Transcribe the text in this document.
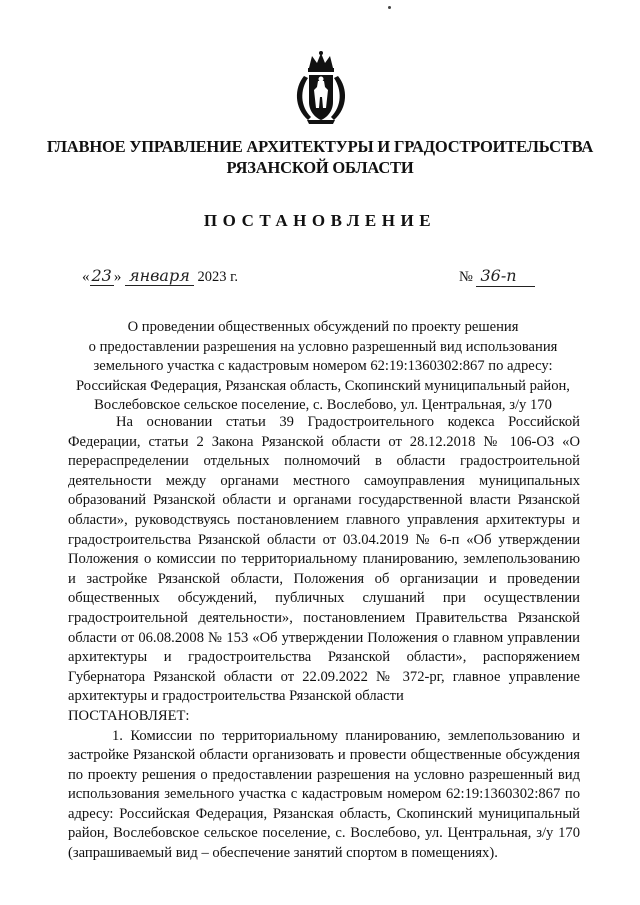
ГЛАВНОЕ УПРАВЛЕНИЕ АРХИТЕКТУРЫ И ГРАДОСТРОИТЕЛЬСТВА
РЯЗАНСКОЙ ОБЛАСТИ
ПОСТАНОВЛЕНИЕ
« 23 » января 2023 г.	№ 36-п
О проведении общественных обсуждений по проекту решения
о предоставлении разрешения на условно разрешенный вид использования
земельного участка с кадастровым номером 62:19:1360302:867 по адресу:
Российская Федерация, Рязанская область, Скопинский муниципальный район,
Вослебовское сельское поселение, с. Вослебово, ул. Центральная, з/у 170

На основании статьи 39 Градостроительного кодекса Российской Федерации, статьи 2 Закона Рязанской области от 28.12.2018 № 106-ОЗ «О перераспределении отдельных полномочий в области градостроительной деятельности между органами местного самоуправления муниципальных образований Рязанской области и органами государственной власти Рязанской области», руководствуясь постановлением главного управления архитектуры и градостроительства Рязанской области от 03.04.2019 № 6-п «Об утверждении Положения о комиссии по территориальному планированию, землепользованию и застройке Рязанской области, Положения об организации и проведении общественных обсуждений, публичных слушаний при осуществлении градостроительной деятельности», постановлением Правительства Рязанской области от 06.08.2008 № 153 «Об утверждении Положения о главном управлении архитектуры и градостроительства Рязанской области», распоряжением Губернатора Рязанской области от 22.09.2022 № 372-рг, главное управление архитектуры и градостроительства Рязанской области

ПОСТАНОВЛЯЕТ:

1. Комиссии по территориальному планированию, землепользованию и застройке Рязанской области организовать и провести общественные обсуждения по проекту решения о предоставлении разрешения на условно разрешенный вид использования земельного участка с кадастровым номером 62:19:1360302:867 по адресу: Российская Федерация, Рязанская область, Скопинский муниципальный район, Вослебовское сельское поселение, с. Вослебово, ул. Центральная, з/у 170 (запрашиваемый вид – обеспечение занятий спортом в помещениях).
